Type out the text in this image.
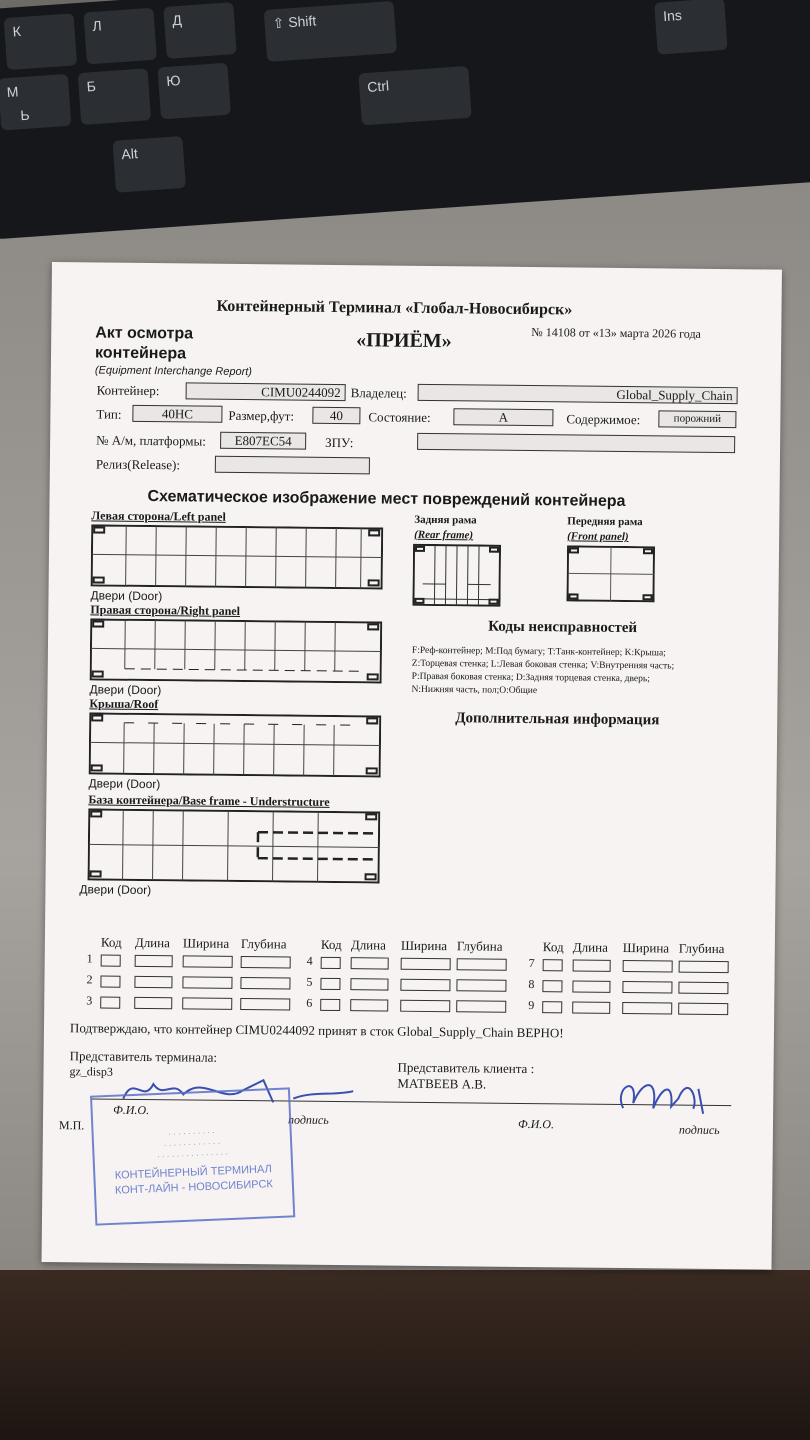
К	Л	Д
M
Ь
Б	Ю
⇧ Shift
Ctrl
Alt
Ins
Контейнерный Терминал «Глобал-Новосибирск»
Акт осмотра
контейнера
(Equipment Interchange Report)
«ПРИЁМ»	№ 14108 от «13» марта 2026 года
Контейнер:	CIMU0244092 Владелец:	Global_Supply_Chain
Тип:	40HC	Размер,фут:	40	Состояние:	A	Содержимое:	порожний
№ А/м, платформы:	E807EC54	ЗПУ:
Релиз(Release):
Схематическое изображение мест повреждений контейнера
Левая сторона/Left panel
Двери (Door)
Правая сторона/Right panel
Двери (Door)
Крыша/Roof
Двери (Door)
База контейнера/Base frame - Understructure
Двери (Door)
Задняя рама
(Rear frame)
Передняя рама
(Front panel)
Коды неисправностей
F:Реф-контейнер; M:Под бумагу; T:Танк-контейнер; K:Крыша;
Z:Торцевая стенка; L:Левая боковая стенка; V:Внутренняя часть;
P:Правая боковая стенка; D:Задняя торцевая стенка, дверь;
N:Нижняя часть, пол;O:Общие
Дополнительная информация
Код Длина Ширина Глубина
1
2
3
Код Длина Ширина Глубина
4
5
6
Код Длина Ширина Глубина
7
8
9
Подтверждаю, что контейнер CIMU0244092 принят в сток Global_Supply_Chain ВЕРНО!
Представитель терминала:
gz_disp3	Представитель клиента :
МАТВЕЕВ А.В.
Ф.И.О.
подпись	Ф.И.О.	подпись
М.П.
· · · · · · · · · ·
· · · · · · · · · · · ·
· · · · · · · · · · · · · · ·
КОНТЕЙНЕРНЫЙ ТЕРМИНАЛ
КОНТ-ЛАЙН - НОВОСИБИРСК
